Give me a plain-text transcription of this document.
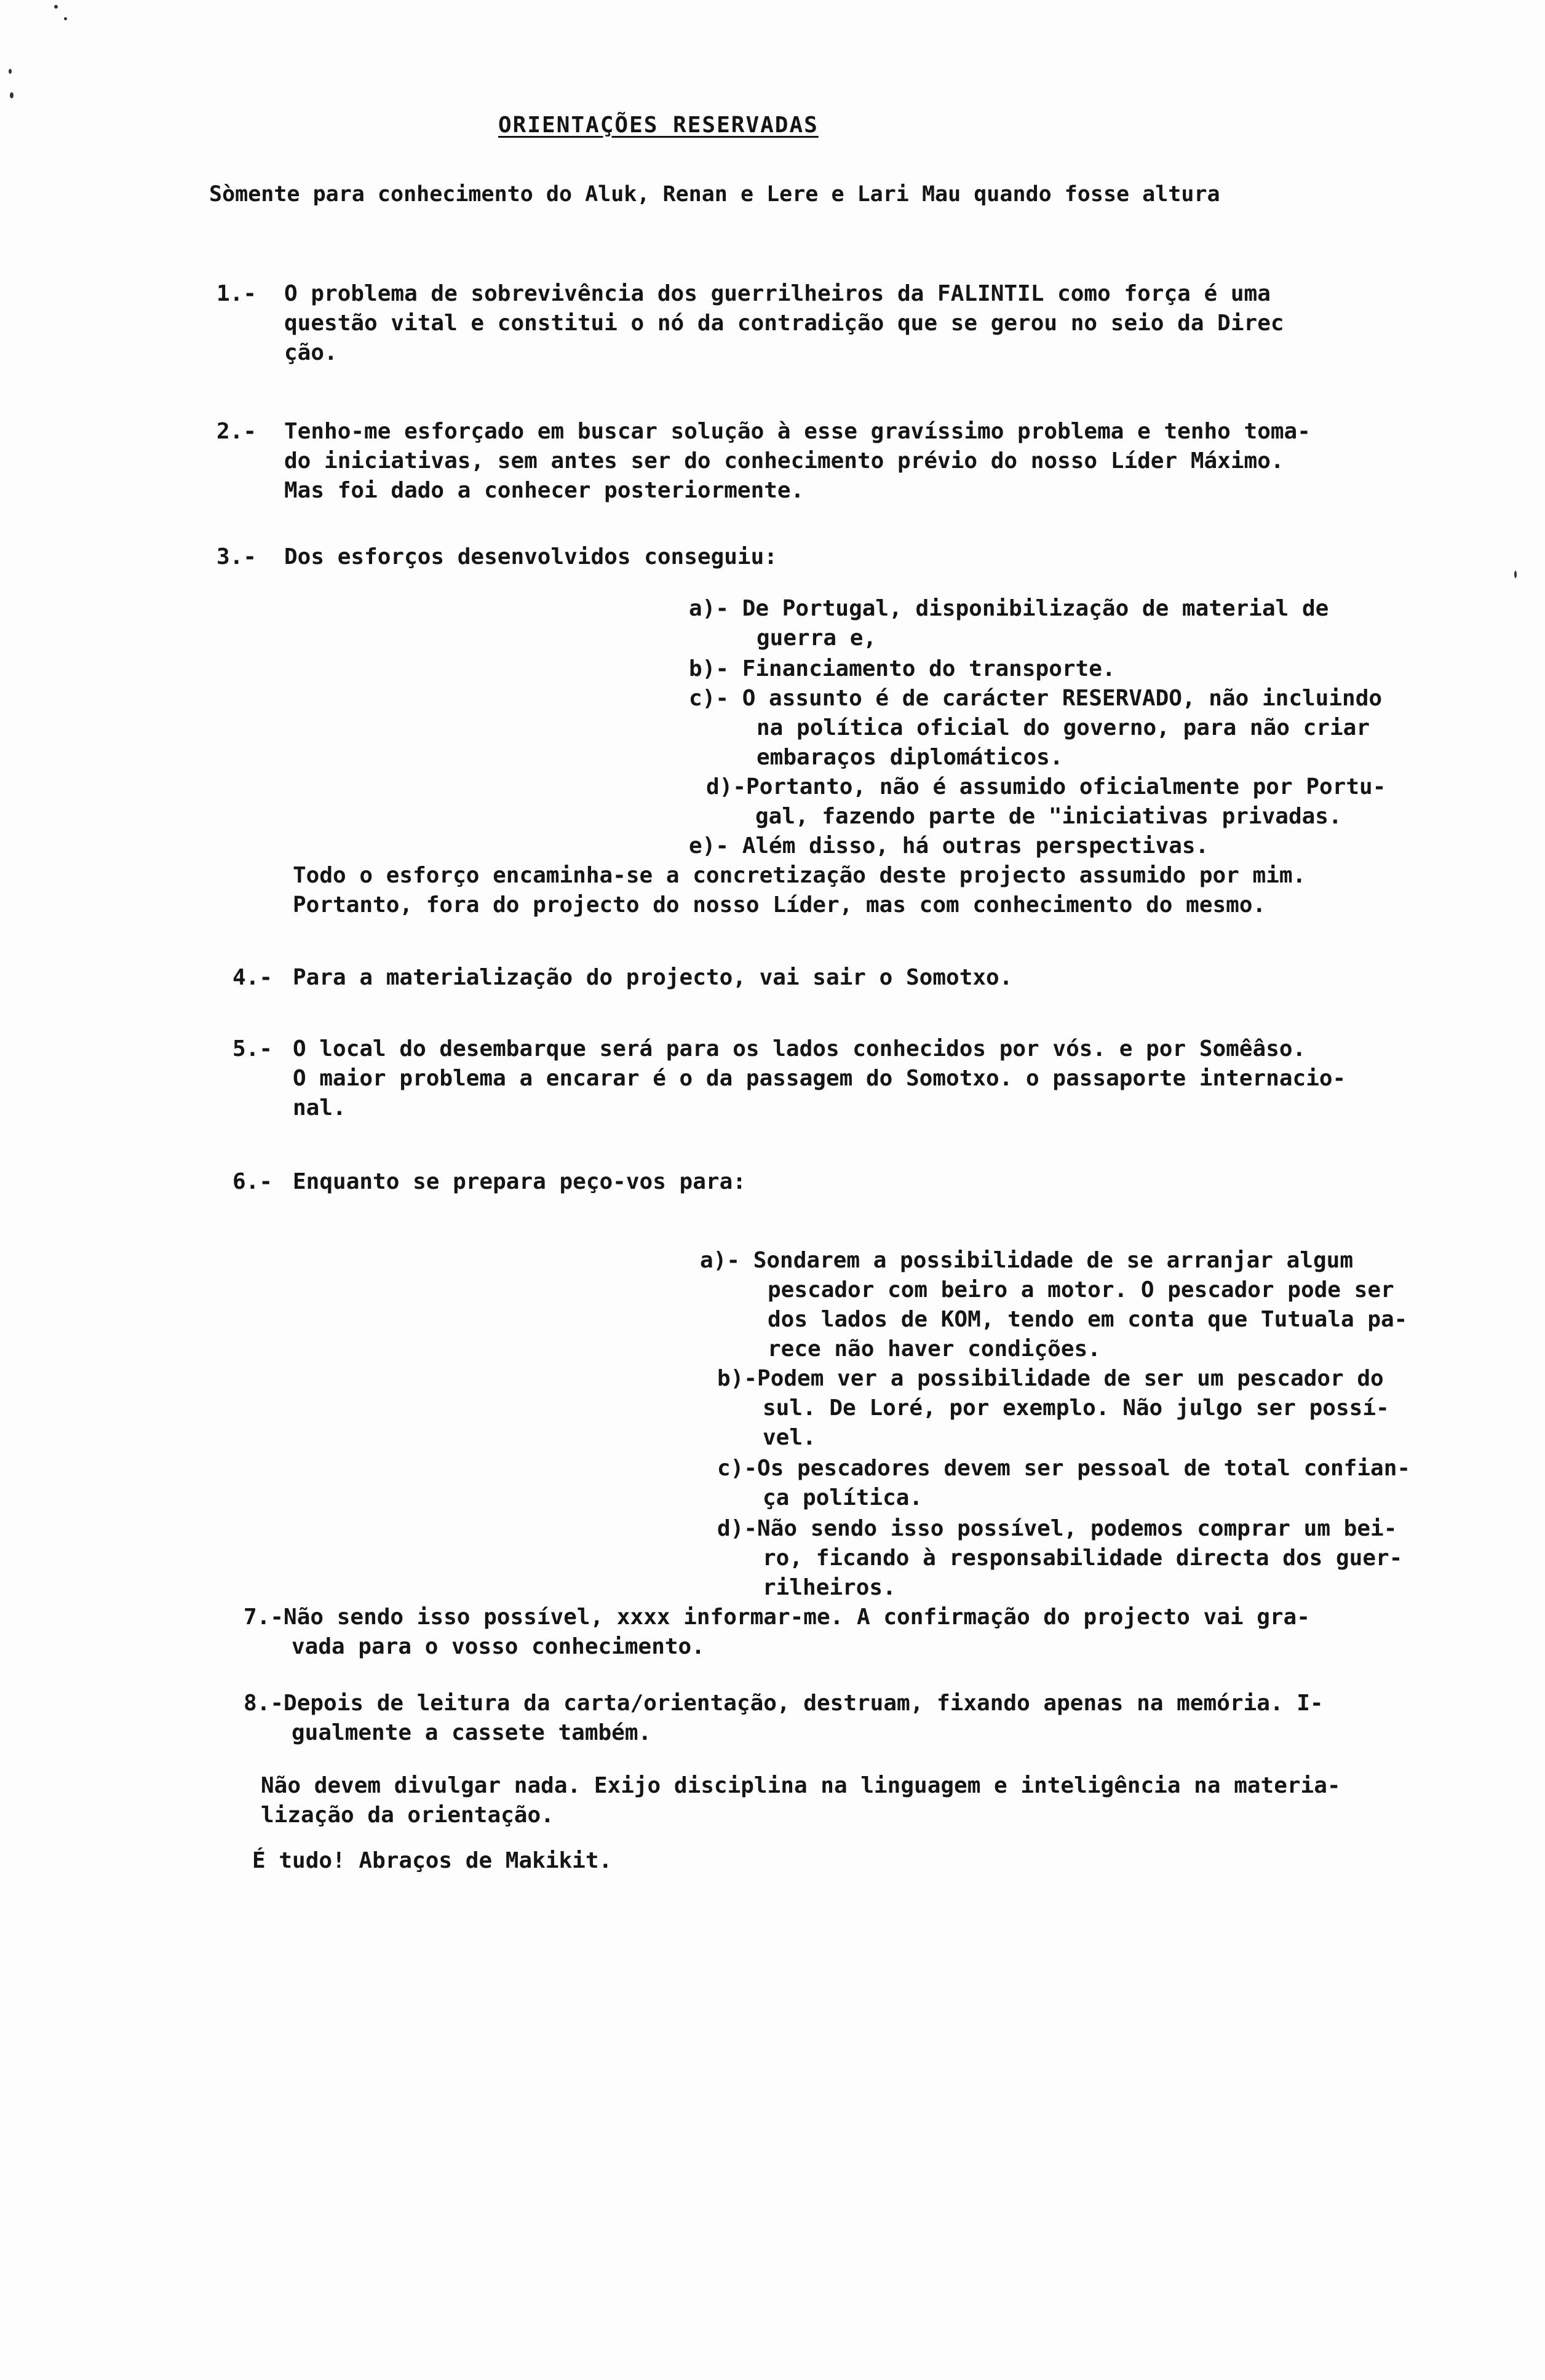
ORIENTAÇÕES RESERVADAS
Sòmente para conhecimento do Aluk, Renan e Lere e Lari Mau quando fosse altura
1.- O problema de sobrevivência dos guerrilheiros da FALINTIL como força é uma
questão vital e constitui o nó da contradição que se gerou no seio da Direc
ção.
2.- Tenho-me esforçado em buscar solução à esse gravíssimo problema e tenho toma-
do iniciativas, sem antes ser do conhecimento prévio do nosso Líder Máximo.
Mas foi dado a conhecer posteriormente.
3.- Dos esforços desenvolvidos conseguiu:
a)- De Portugal, disponibilização de material de
guerra e,
b)- Financiamento do transporte.
c)- O assunto é de carácter RESERVADO, não incluindo
na política oficial do governo, para não criar
embaraços diplomáticos.
d)-Portanto, não é assumido oficialmente por Portu-
gal, fazendo parte de "iniciativas privadas.
e)- Além disso, há outras perspectivas.
Todo o esforço encaminha-se a concretização deste projecto assumido por mim.
Portanto, fora do projecto do nosso Líder, mas com conhecimento do mesmo.
4.- Para a materialização do projecto, vai sair o Somotxo.
5.- O local do desembarque será para os lados conhecidos por vós. e por Somêâso.
O maior problema a encarar é o da passagem do Somotxo. o passaporte internacio-
nal.
6.- Enquanto se prepara peço-vos para:
a)- Sondarem a possibilidade de se arranjar algum
pescador com beiro a motor. O pescador pode ser
dos lados de KOM, tendo em conta que Tutuala pa-
rece não haver condições.
b)-Podem ver a possibilidade de ser um pescador do
sul. De Loré, por exemplo. Não julgo ser possí-
vel.
c)-Os pescadores devem ser pessoal de total confian-
ça política.
d)-Não sendo isso possível, podemos comprar um bei-
ro, ficando à responsabilidade directa dos guer-
rilheiros.
7.-Não sendo isso possível, xxxx informar-me. A confirmação do projecto vai gra-
vada para o vosso conhecimento.
8.-Depois de leitura da carta/orientação, destruam, fixando apenas na memória. I-
gualmente a cassete também.
Não devem divulgar nada. Exijo disciplina na linguagem e inteligência na materia-
lização da orientação.
É tudo! Abraços de Makikit.
